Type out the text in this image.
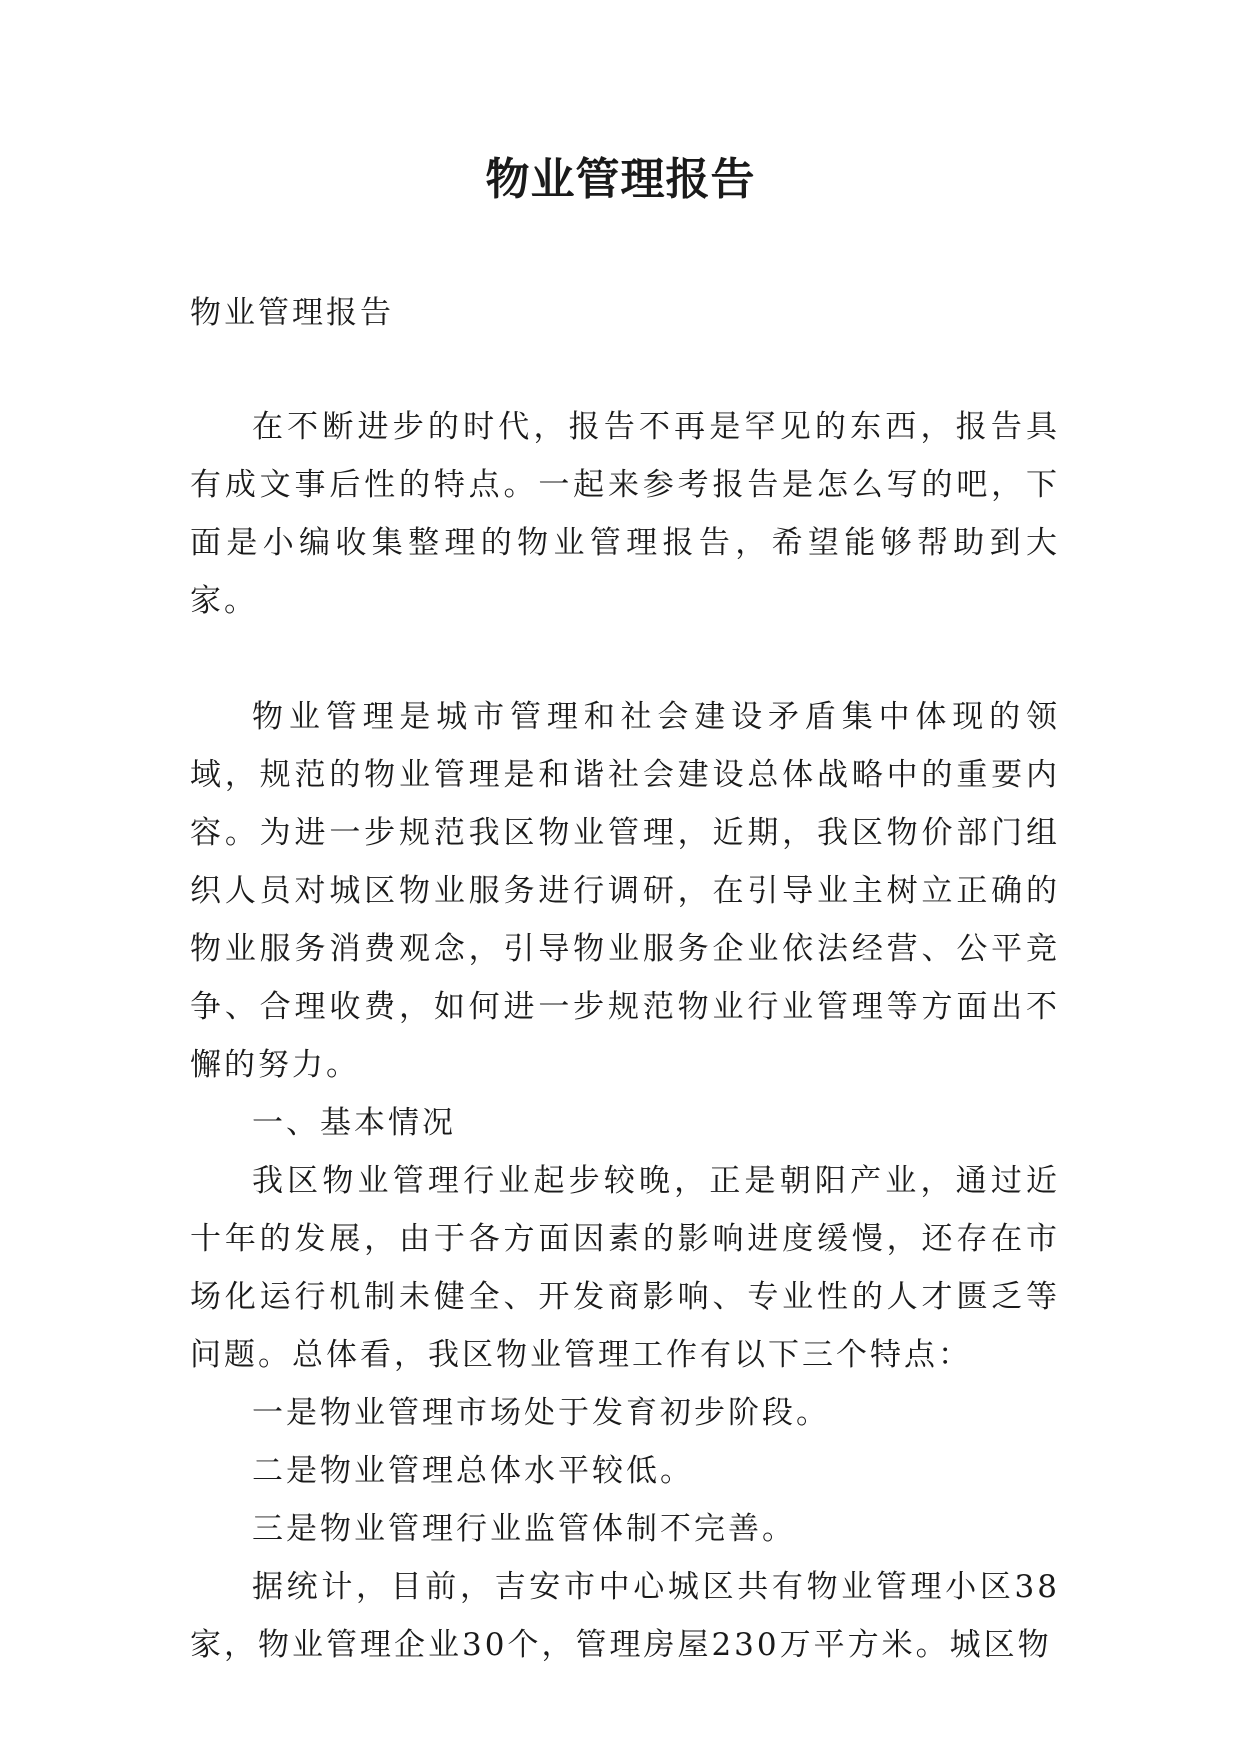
物业管理报告

物业管理报告

在不断进步的时代，报告不再是罕见的东西，报告具有成文事后性的特点。一起来参考报告是怎么写的吧，下面是小编收集整理的物业管理报告，希望能够帮助到大家。

物业管理是城市管理和社会建设矛盾集中体现的领域，规范的物业管理是和谐社会建设总体战略中的重要内容。为进一步规范我区物业管理，近期，我区物价部门组织人员对城区物业服务进行调研，在引导业主树立正确的物业服务消费观念，引导物业服务企业依法经营、公平竞争、合理收费，如何进一步规范物业行业管理等方面出不懈的努力。

一、基本情况

我区物业管理行业起步较晚，正是朝阳产业，通过近十年的发展，由于各方面因素的影响进度缓慢，还存在市场化运行机制未健全、开发商影响、专业性的人才匮乏等问题。总体看，我区物业管理工作有以下三个特点：

一是物业管理市场处于发育初步阶段。

二是物业管理总体水平较低。

三是物业管理行业监管体制不完善。

据统计，目前，吉安市中心城区共有物业管理小区38家，物业管理企业30个，管理房屋230万平方米。城区物
